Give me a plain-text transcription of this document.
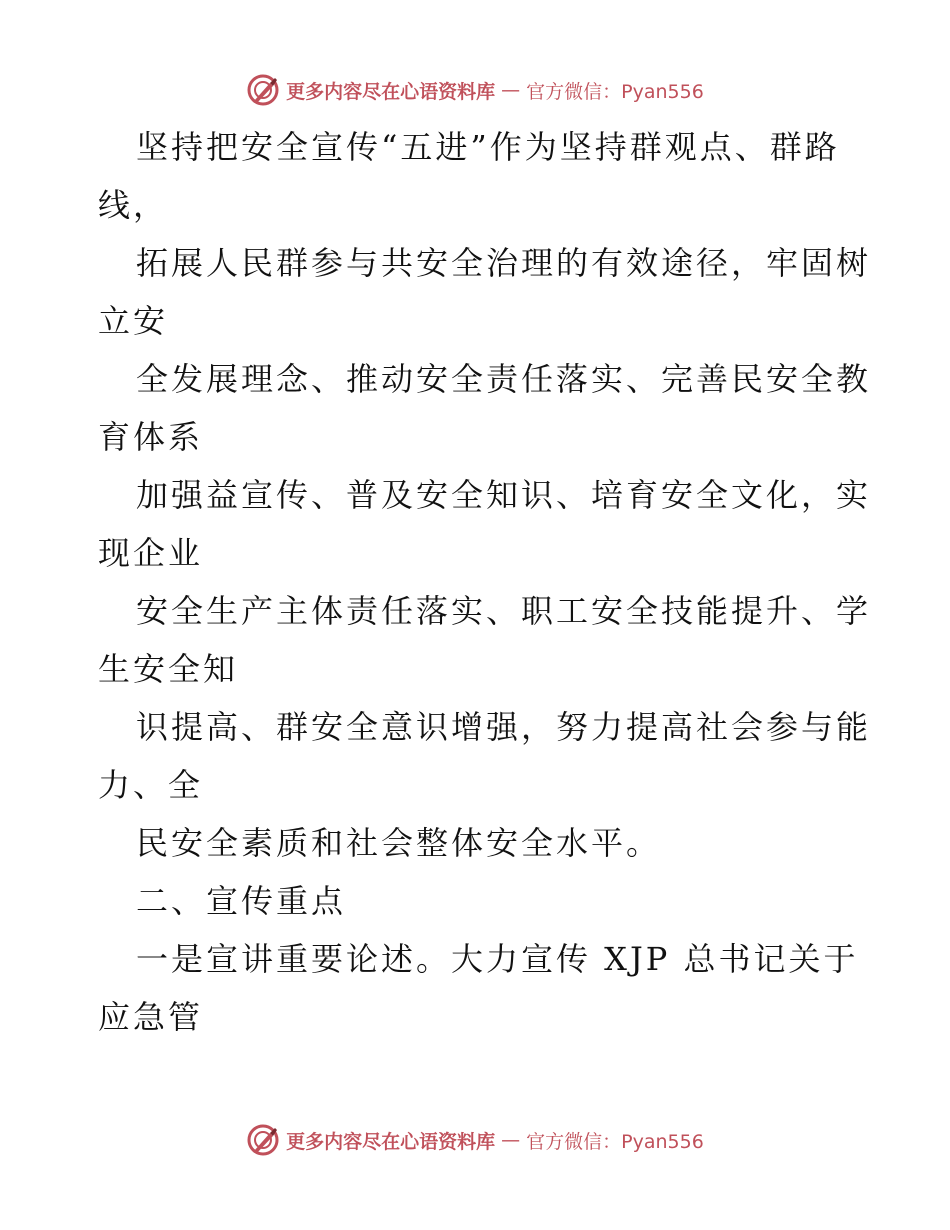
更多内容尽在心语资料库 — 官方微信：Pyan556
坚持把安全宣传“五进”作为坚持群观点、群路
线，
拓展人民群参与共安全治理的有效途径，牢固树
立安
全发展理念、推动安全责任落实、完善民安全教
育体系
加强益宣传、普及安全知识、培育安全文化，实
现企业
安全生产主体责任落实、职工安全技能提升、学
生安全知
识提高、群安全意识增强，努力提高社会参与能
力、全
民安全素质和社会整体安全水平。
二、宣传重点
一是宣讲重要论述。大力宣传 XJP 总书记关于
应急管
更多内容尽在心语资料库 — 官方微信：Pyan556
